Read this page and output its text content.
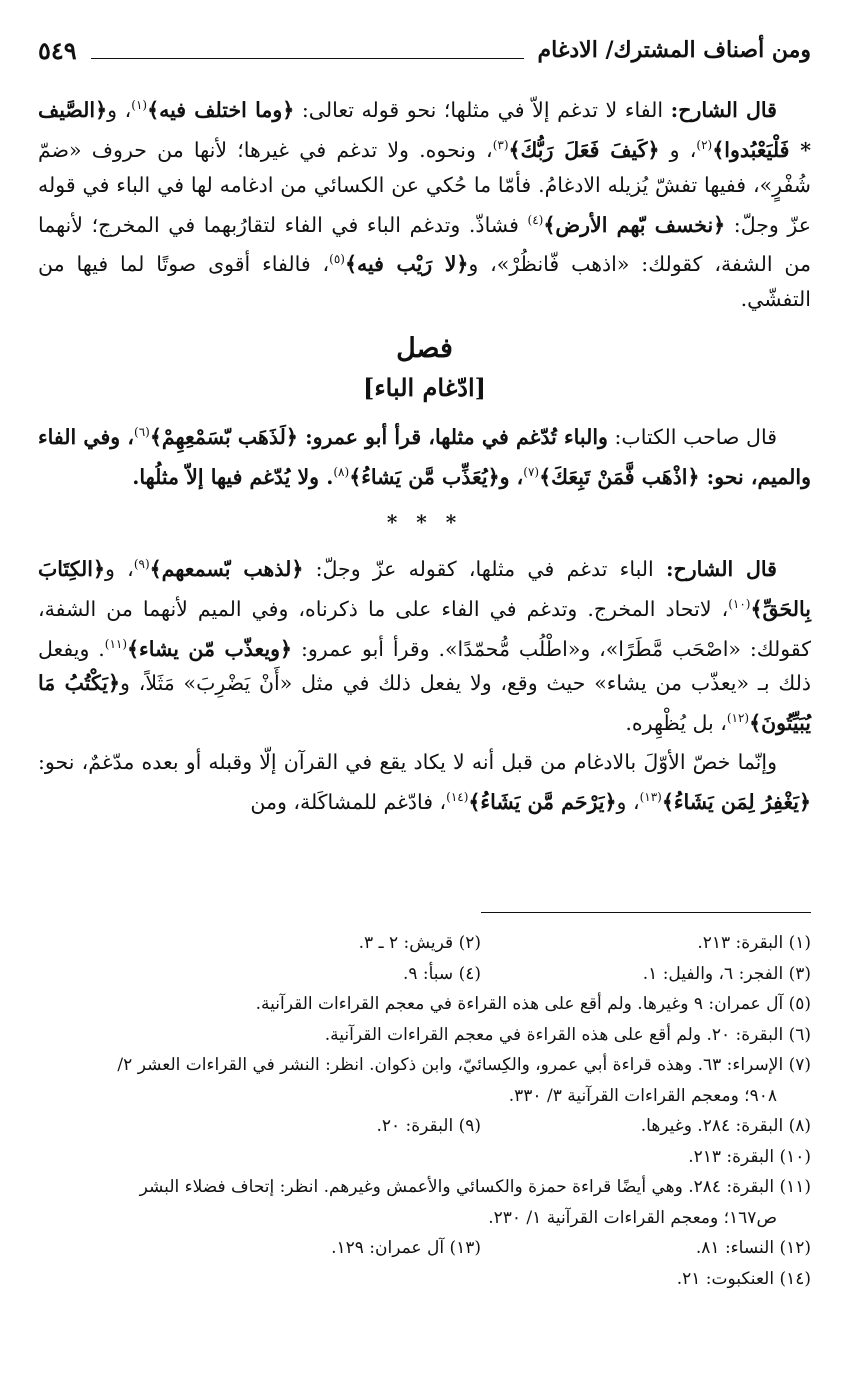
ومن أصناف المشترك/ الادغام
٥٤٩

قال الشارح: الفاء لا تدغم إلاّ في مثلها؛ نحو قوله تعالى: ﴿وما اختلف فيه﴾$^{(١)}$، و﴿الصَّيف * فَلْيَعْبُدوا﴾$^{(٢)}$، و ﴿كَيفَ فَعَلَ رَبُّكَ﴾$^{(٣)}$، ونحوه. ولا تدغم في غيرها؛ لأنها من حروف «ضمّ شُفْرٍ»، ففيها تفشّ يُزيله الادغامُ. فأمّا ما حُكي عن الكسائي من ادغامه لها في الباء في قوله عزّ وجلّ: ﴿نخسف بّهم الأرض﴾$^{(٤)}$ فشاذّ. وتدغم الباء في الفاء لتقارُبهما في المخرج؛ لأنهما من الشفة، كقولك: «اذهب فّانظُرْ»، و﴿لا رَيْب فيه﴾$^{(٥)}$، فالفاء أقوى صوتًا لما فيها من التفشّي.

فصل
[ادّغام الباء]

قال صاحب الكتاب: والباء تُدّغم في مثلها، قرأ أبو عمرو: ﴿لَذَهَب بّسَمْعِهِمْ﴾$^{(٦)}$، وفي الفاء والميم، نحو: ﴿اذْهَب فَّمَنْ تَبِعَكَ﴾$^{(٧)}$، و﴿يُعَذِّب مَّن يَشاءُ﴾$^{(٨)}$. ولا يُدّغم فيها إلاّ مثلُها.

* * *

قال الشارح: الباء تدغم في مثلها، كقوله عزّ وجلّ: ﴿لذهب بّسمعهم﴾$^{(٩)}$، و﴿الكِتَابَ بِالحَقِّ﴾$^{(١٠)}$، لاتحاد المخرج. وتدغم في الفاء على ما ذكرناه، وفي الميم لأنهما من الشفة، كقولك: «اصْحَب مَّطَرًا»، و«اطْلُب مُّحمّدًا». وقرأ أبو عمرو: ﴿ويعذّب مّن يشاء﴾$^{(١١)}$. ويفعل ذلك بـ «يعذّب من يشاء» حيث وقع، ولا يفعل ذلك في مثل «أَنْ يَضْرِبَ» مَثَلاً، و﴿يَكْتُبُ مَا يُبَيِّتُونَ﴾$^{(١٢)}$، بل يُظْهِره.

وإنّما خصّ الأوّلَ بالادغام من قبل أنه لا يكاد يقع في القرآن إلّا وقبله أو بعده مدّغمٌ، نحو: ﴿يَغْفِرُ لِمَن يَشَاءُ﴾$^{(١٣)}$، و﴿يَرْحَم مَّن يَشَاءُ﴾$^{(١٤)}$، فادّغم للمشاكَلة، ومن

(١) البقرة: ٢١٣.
(٢) قريش: ٢ ـ ٣.
(٣) الفجر: ٦، والفيل: ١.
(٤) سبأ: ٩.
(٥) آل عمران: ٩ وغيرها. ولم أقع على هذه القراءة في معجم القراءات القرآنية.
(٦) البقرة: ٢٠. ولم أقع على هذه القراءة في معجم القراءات القرآنية.
(٧) الإسراء: ٦٣. وهذه قراءة أبي عمرو، والكِسائيّ، وابن ذكوان. انظر: النشر في القراءات العشر ٢/
٩٠٨؛ ومعجم القراءات القرآنية ٣/ ٣٣٠.
(٨) البقرة: ٢٨٤. وغيرها.
(٩) البقرة: ٢٠.
(١٠) البقرة: ٢١٣.
(١١) البقرة: ٢٨٤. وهي أيضًا قراءة حمزة والكسائي والأعمش وغيرهم. انظر: إتحاف فضلاء البشر
ص١٦٧؛ ومعجم القراءات القرآنية ١/ ٢٣٠.
(١٢) النساء: ٨١.
(١٣) آل عمران: ١٢٩.
(١٤) العنكبوت: ٢١.
